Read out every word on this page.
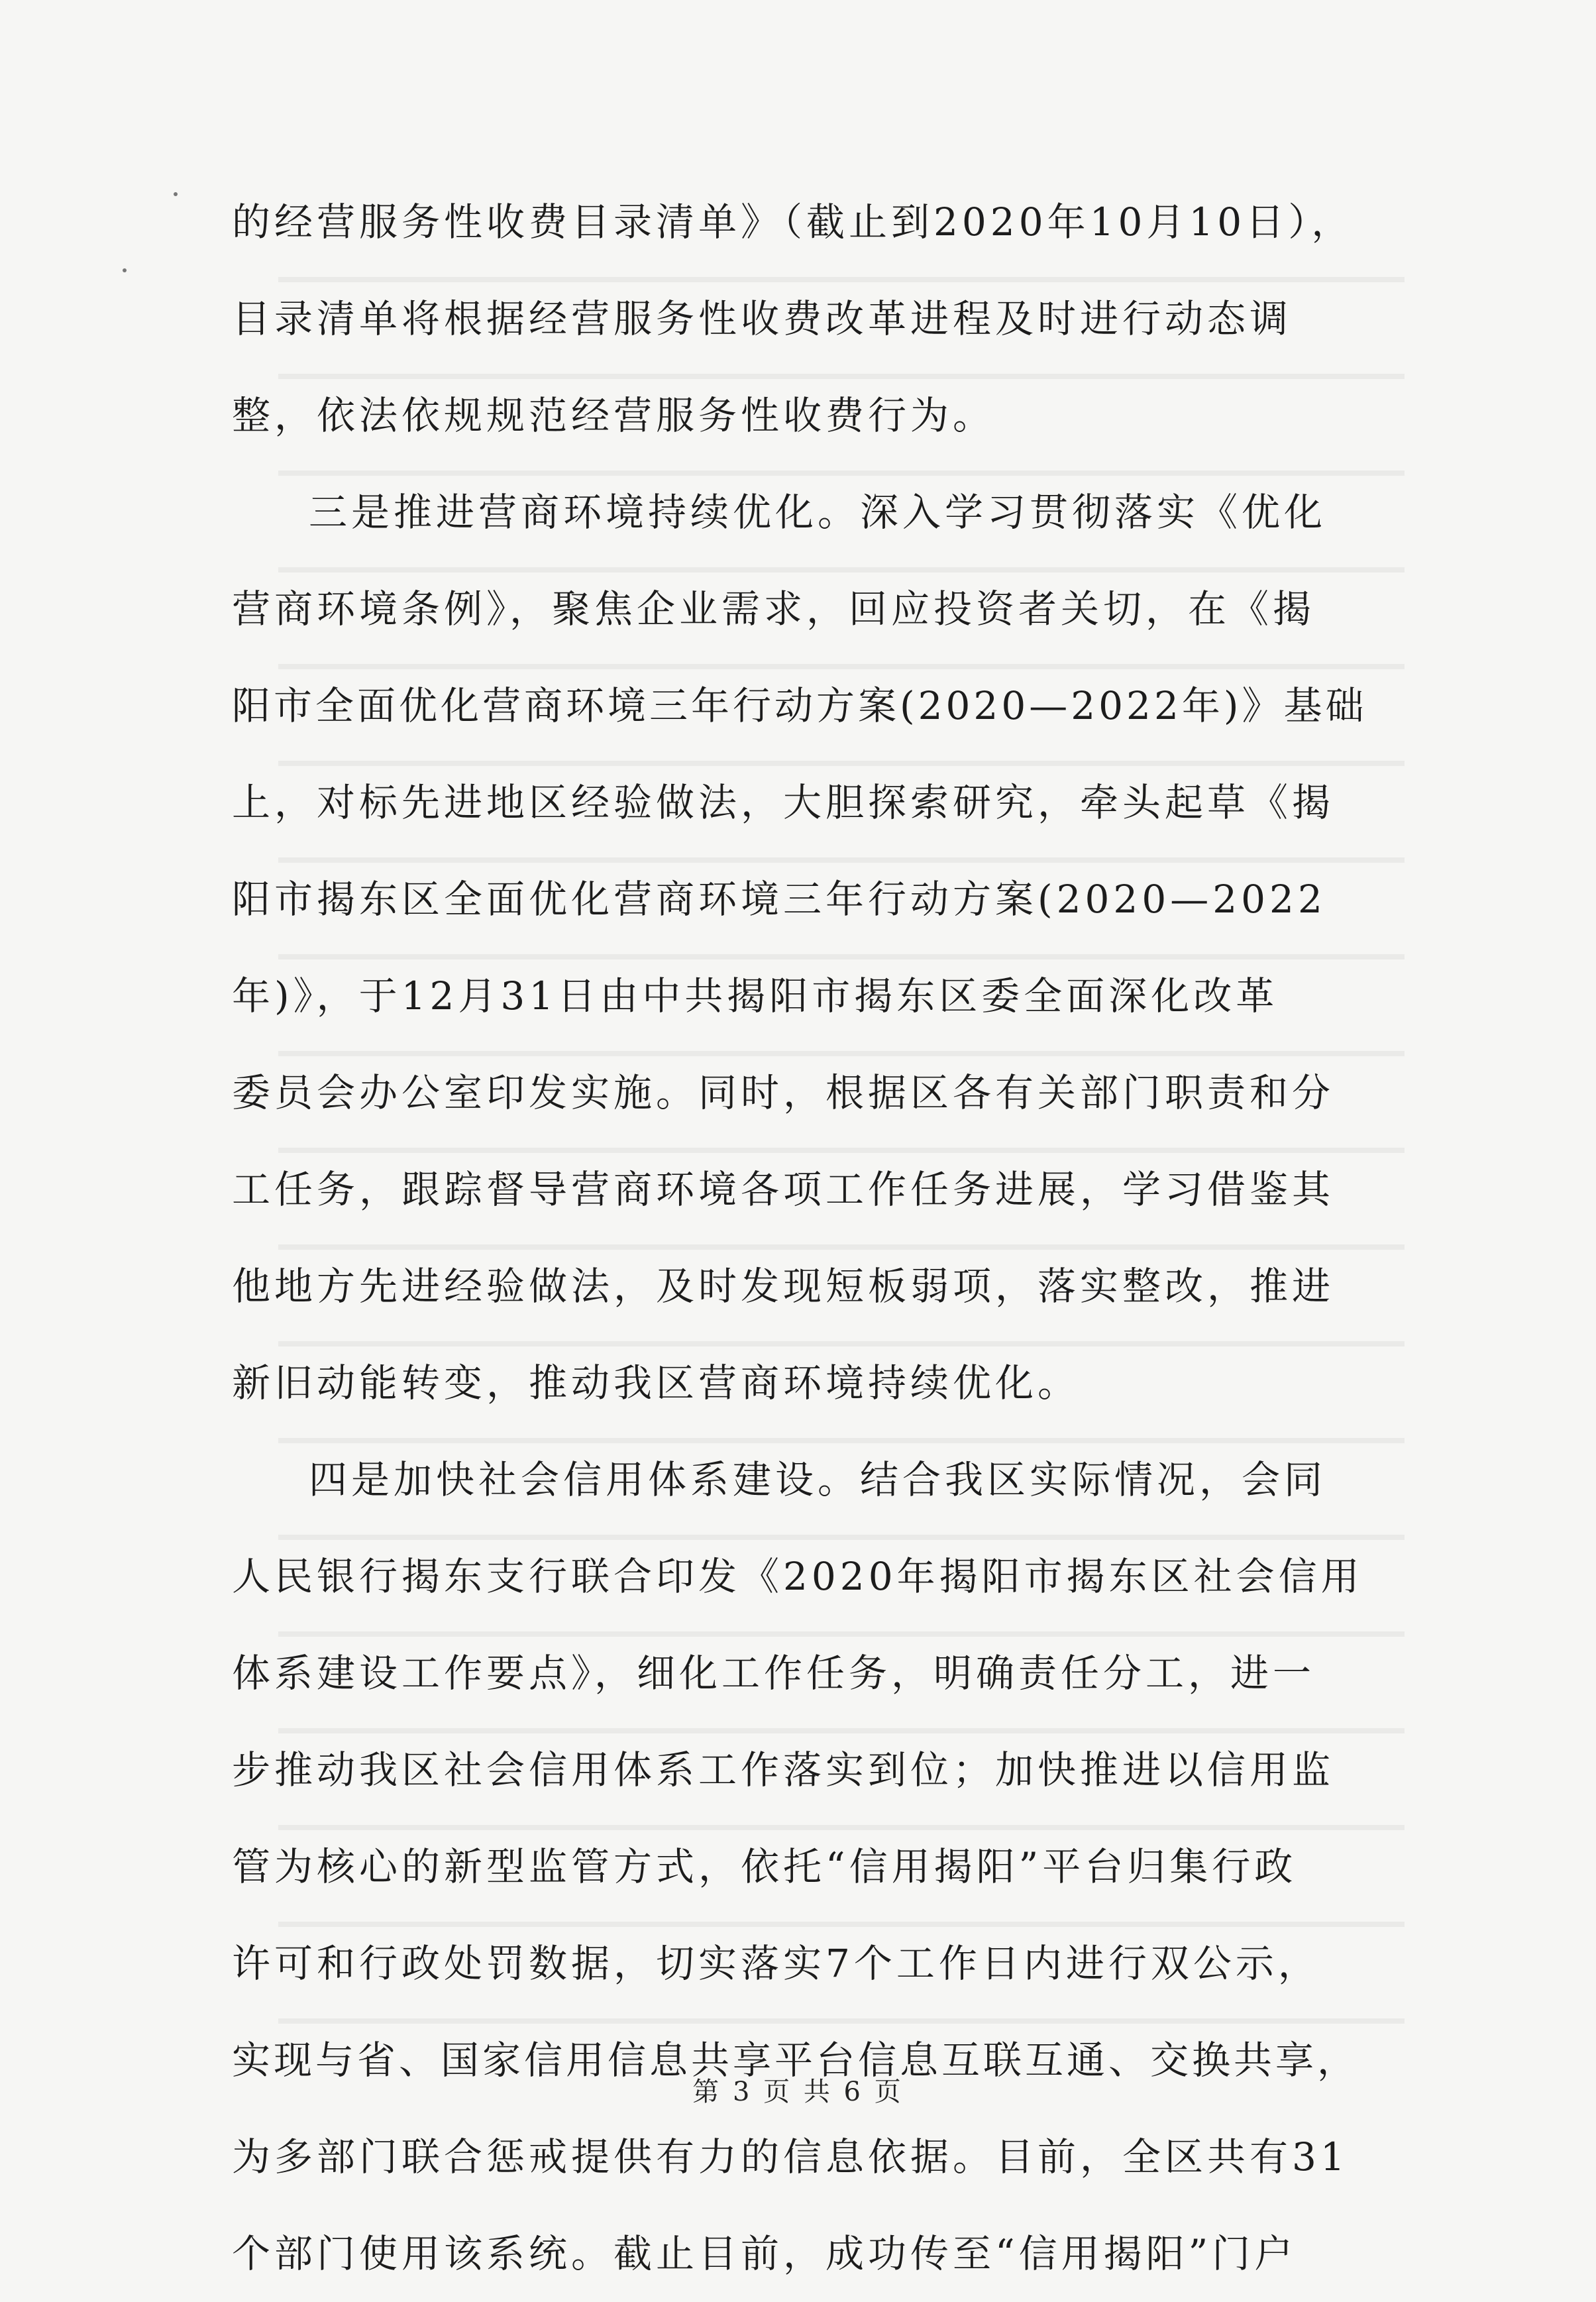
的经营服务性收费目录清单》（截止到2020年10月10日），
目录清单将根据经营服务性收费改革进程及时进行动态调
整，依法依规规范经营服务性收费行为。
三是推进营商环境持续优化。深入学习贯彻落实《优化
营商环境条例》，聚焦企业需求，回应投资者关切，在《揭
阳市全面优化营商环境三年行动方案(2020—2022年)》基础
上，对标先进地区经验做法，大胆探索研究，牵头起草《揭
阳市揭东区全面优化营商环境三年行动方案(2020—2022
年)》，于12月31日由中共揭阳市揭东区委全面深化改革
委员会办公室印发实施。同时，根据区各有关部门职责和分
工任务，跟踪督导营商环境各项工作任务进展，学习借鉴其
他地方先进经验做法，及时发现短板弱项，落实整改，推进
新旧动能转变，推动我区营商环境持续优化。
四是加快社会信用体系建设。结合我区实际情况，会同
人民银行揭东支行联合印发《2020年揭阳市揭东区社会信用
体系建设工作要点》，细化工作任务，明确责任分工，进一
步推动我区社会信用体系工作落实到位；加快推进以信用监
管为核心的新型监管方式，依托“信用揭阳”平台归集行政
许可和行政处罚数据，切实落实7个工作日内进行双公示，
实现与省、国家信用信息共享平台信息互联互通、交换共享，
为多部门联合惩戒提供有力的信息依据。目前，全区共有31
个部门使用该系统。截止目前，成功传至“信用揭阳”门户
第 3 页 共 6 页
